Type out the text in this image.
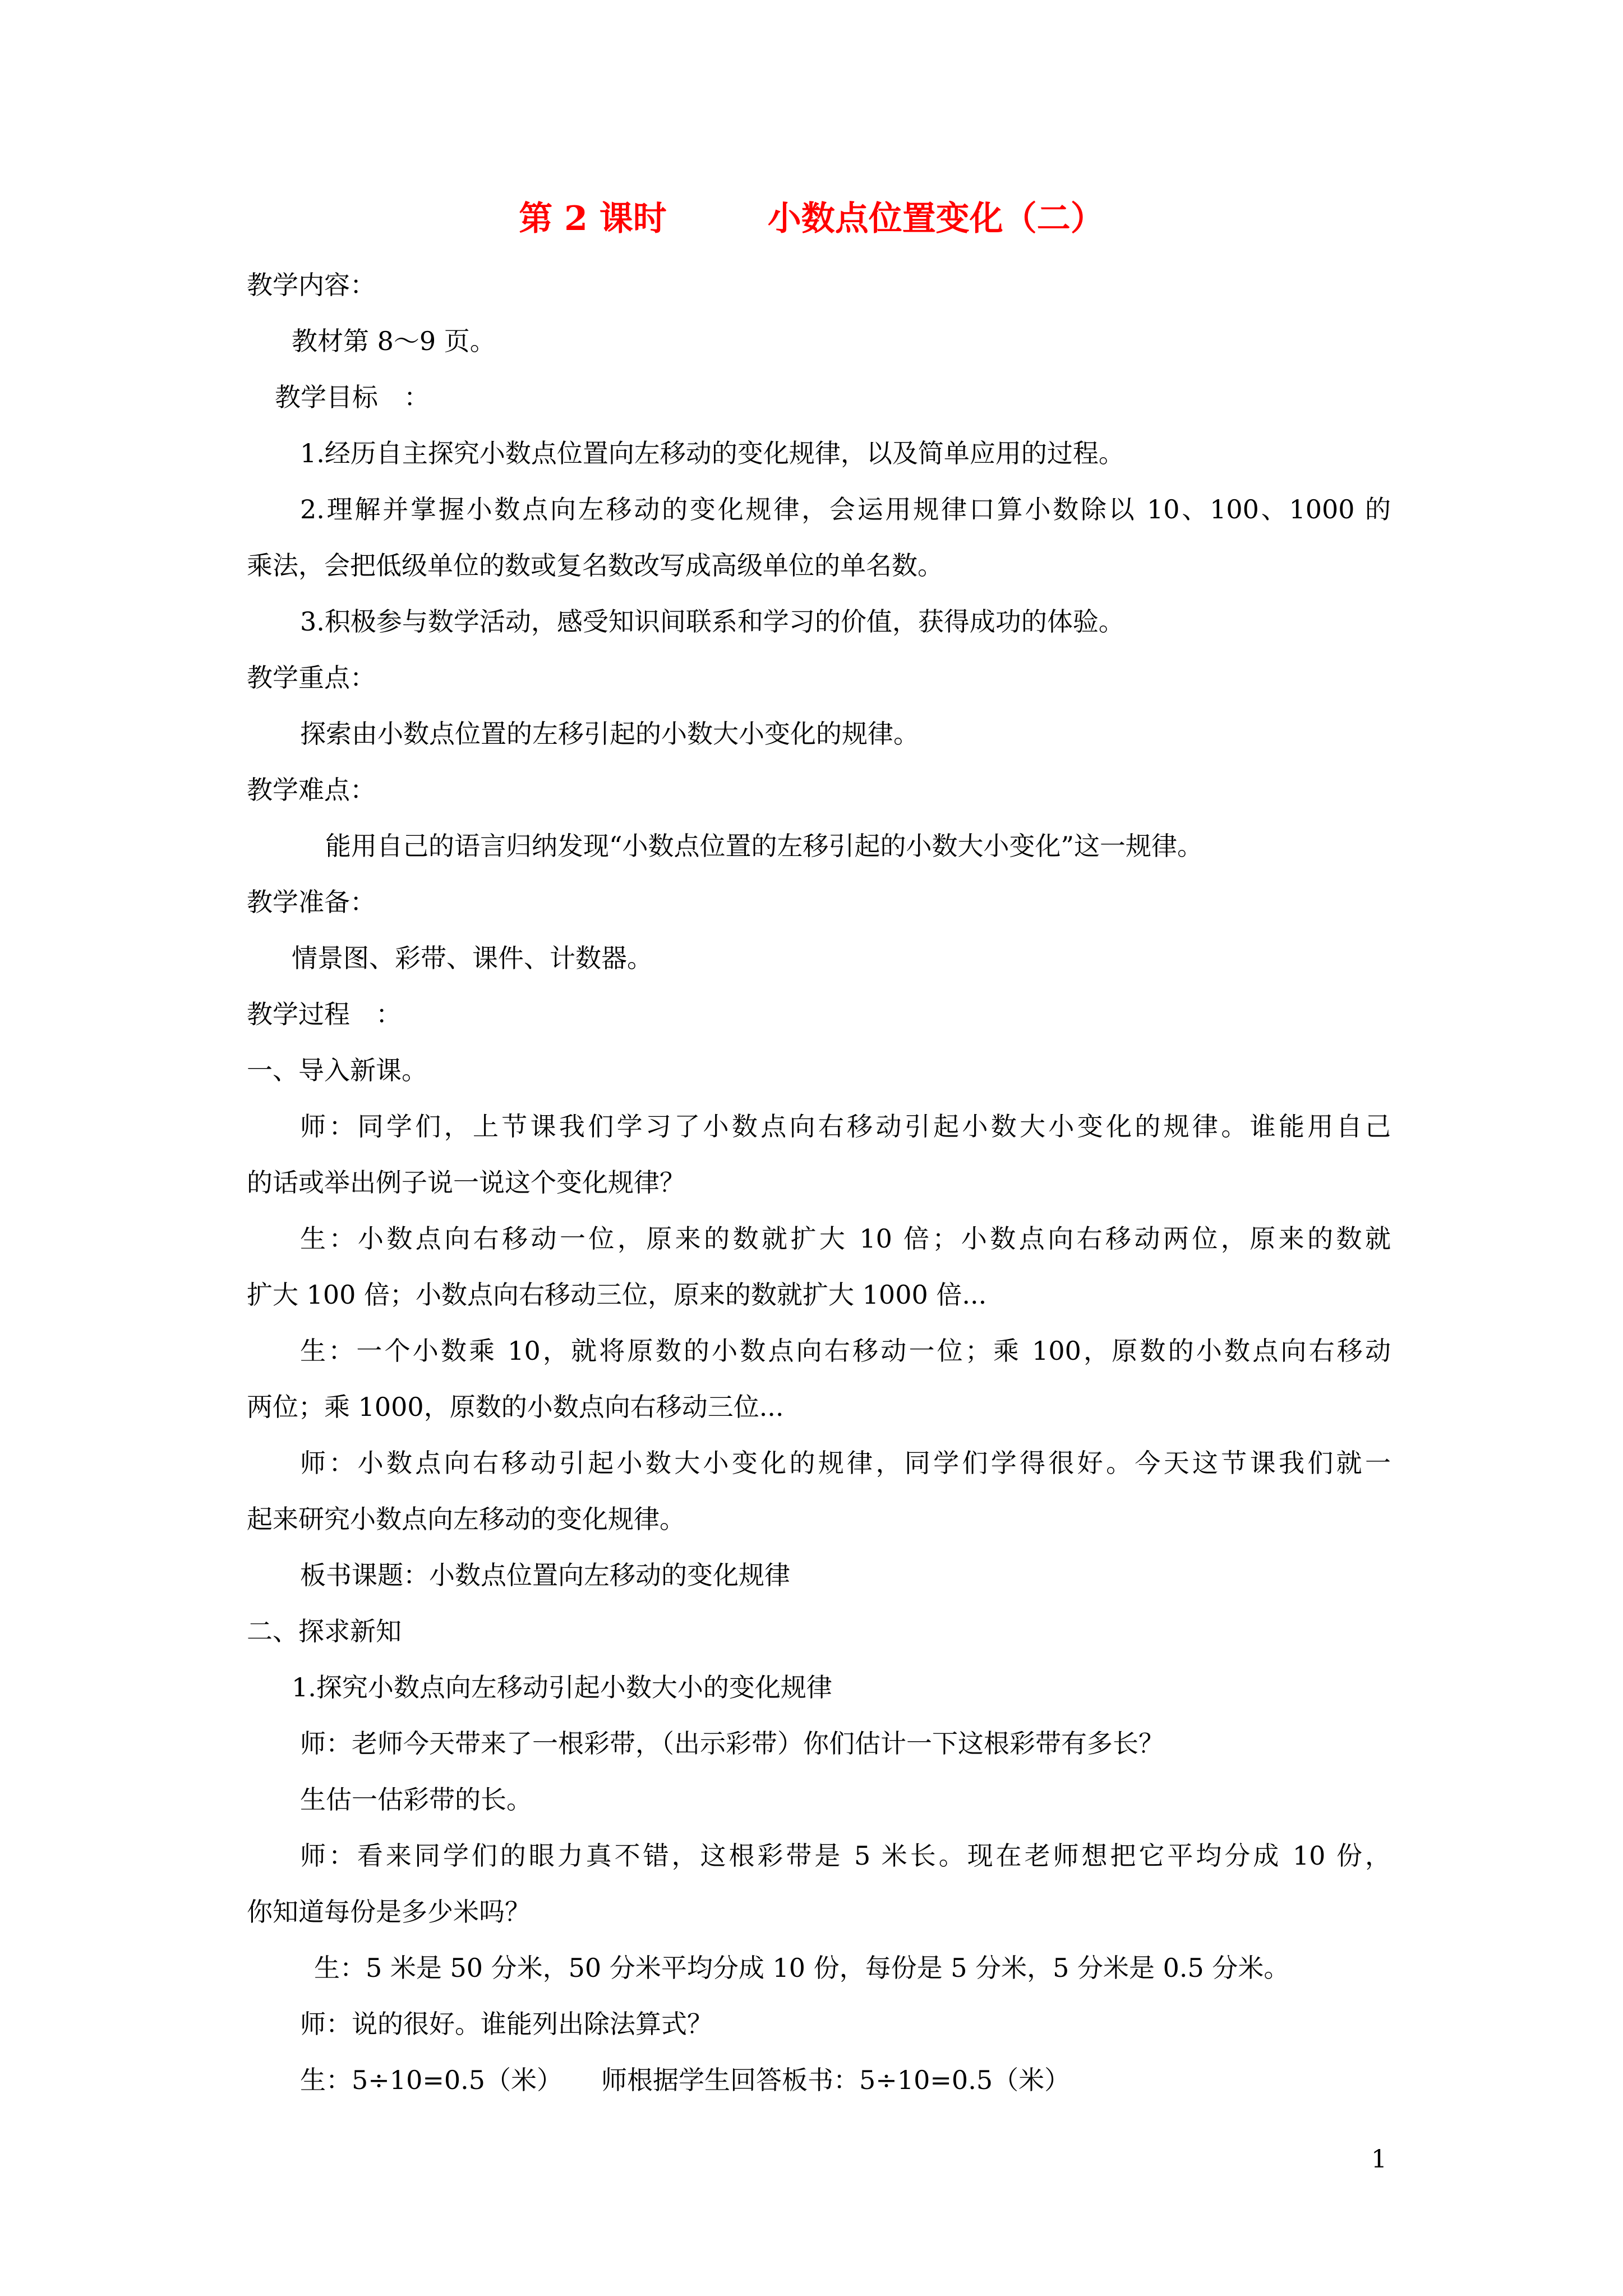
第 2 课时　　　	小数点位置变化（二）
教学内容：
教材第 8～9 页。
教学目标　：
1.经历自主探究小数点位置向左移动的变化规律，以及简单应用的过程。
2.理解并掌握小数点向左移动的变化规律，会运用规律口算小数除以 10、100、1000 的
乘法，会把低级单位的数或复名数改写成高级单位的单名数。
3.积极参与数学活动，感受知识间联系和学习的价值，获得成功的体验。
教学重点：
探索由小数点位置的左移引起的小数大小变化的规律。
教学难点：
能用自己的语言归纳发现“小数点位置的左移引起的小数大小变化”这一规律。
教学准备：
情景图、彩带、课件、计数器。
教学过程　：
一、导入新课。
师：同学们，上节课我们学习了小数点向右移动引起小数大小变化的规律。谁能用自己
的话或举出例子说一说这个变化规律？
生：小数点向右移动一位，原来的数就扩大 10 倍；小数点向右移动两位，原来的数就
扩大 100 倍；小数点向右移动三位，原来的数就扩大 1000 倍...
生：一个小数乘 10，就将原数的小数点向右移动一位；乘 100，原数的小数点向右移动
两位；乘 1000，原数的小数点向右移动三位...
师：小数点向右移动引起小数大小变化的规律，同学们学得很好。今天这节课我们就一
起来研究小数点向左移动的变化规律。
板书课题：小数点位置向左移动的变化规律
二、探求新知
1.探究小数点向左移动引起小数大小的变化规律
师：老师今天带来了一根彩带，（出示彩带）你们估计一下这根彩带有多长？
生估一估彩带的长。
师：看来同学们的眼力真不错，这根彩带是 5 米长。现在老师想把它平均分成 10 份，
你知道每份是多少米吗？
生：5 米是 50 分米，50 分米平均分成 10 份，每份是 5 分米，5 分米是 0.5 分米。
师：说的很好。谁能列出除法算式？
生：5÷10=0.5（米）　　师根据学生回答板书：5÷10=0.5（米）
1
